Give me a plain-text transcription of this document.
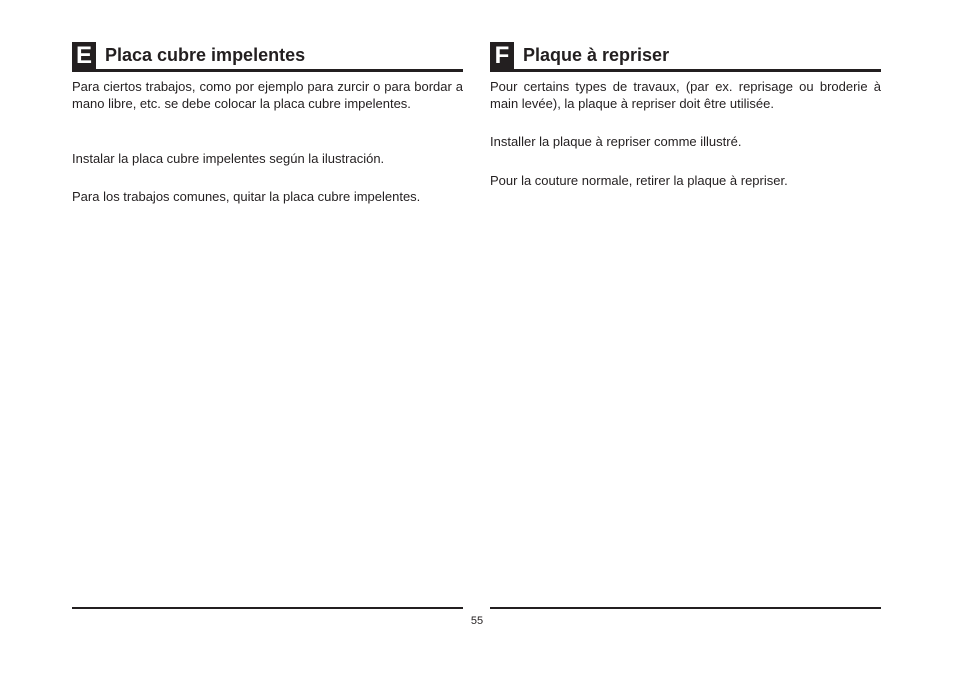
E Placa cubre impelentes

Para ciertos trabajos, como por ejemplo para zurcir o para bordar a mano libre, etc. se debe colocar la placa cubre impelentes.

Instalar la placa cubre impelentes según la ilustración.

Para los trabajos comunes, quitar la placa cubre impelentes.

F Plaque à repriser

Pour certains types de travaux, (par ex. reprisage ou broderie à main levée), la plaque à repriser doit être utilisée.

Installer la plaque à repriser comme illustré.

Pour la couture normale, retirer la plaque à repriser.

55
